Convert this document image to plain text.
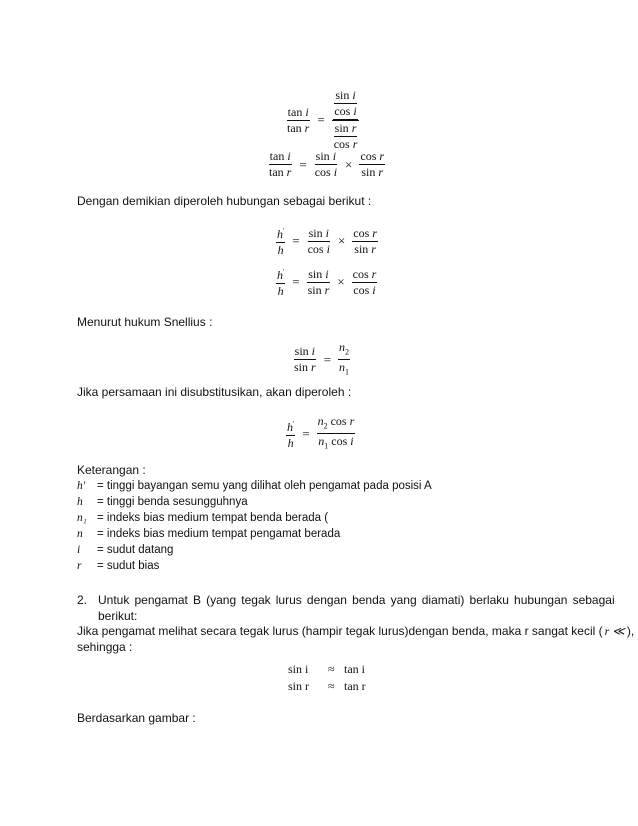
$\frac{\text{tan i}}{\text{tan r}} = \frac{\frac{\text{sin i}}{\text{cos i}}}{\frac{\text{sin r}}{\text{cos r}}}$
$\frac{\text{tan i}}{\text{tan r}} = \frac{\text{sin i}}{\text{cos i}} \times \frac{\text{cos r}}{\text{sin r}}$
Dengan demikian diperoleh hubungan sebagai berikut :
$\frac{h'}{h} = \frac{\text{sin i}}{\text{cos i}} \times \frac{\text{cos r}}{\text{sin r}}$
$\frac{h'}{h} = \frac{\text{sin i}}{\text{sin r}} \times \frac{\text{cos r}}{\text{cos i}}$
Menurut hukum Snellius :
$\frac{\text{sin i}}{\text{sin r}} = \frac{n_2}{n_1}$
Jika persamaan ini disubstitusikan, akan diperoleh :
$\frac{h'}{h} = \frac{n_2 \cos r}{n_1 \cos i}$
Keterangan :
h' = tinggi bayangan semu yang dilihat oleh pengamat pada posisi A
h = tinggi benda sesungguhnya
n₁ = indeks bias medium tempat benda berada (
n = indeks bias medium tempat pengamat berada
i = sudut datang
r = sudut bias
2. Untuk pengamat B (yang tegak lurus dengan benda yang diamati) berlaku hubungan sebagai
berikut:
Jika pengamat melihat secara tegak lurus (hampir tegak lurus)dengan benda, maka r sangat kecil ( r ≪ ),
sehingga :
sin i ≈ tan i
sin r ≈ tan r
Berdasarkan gambar :
